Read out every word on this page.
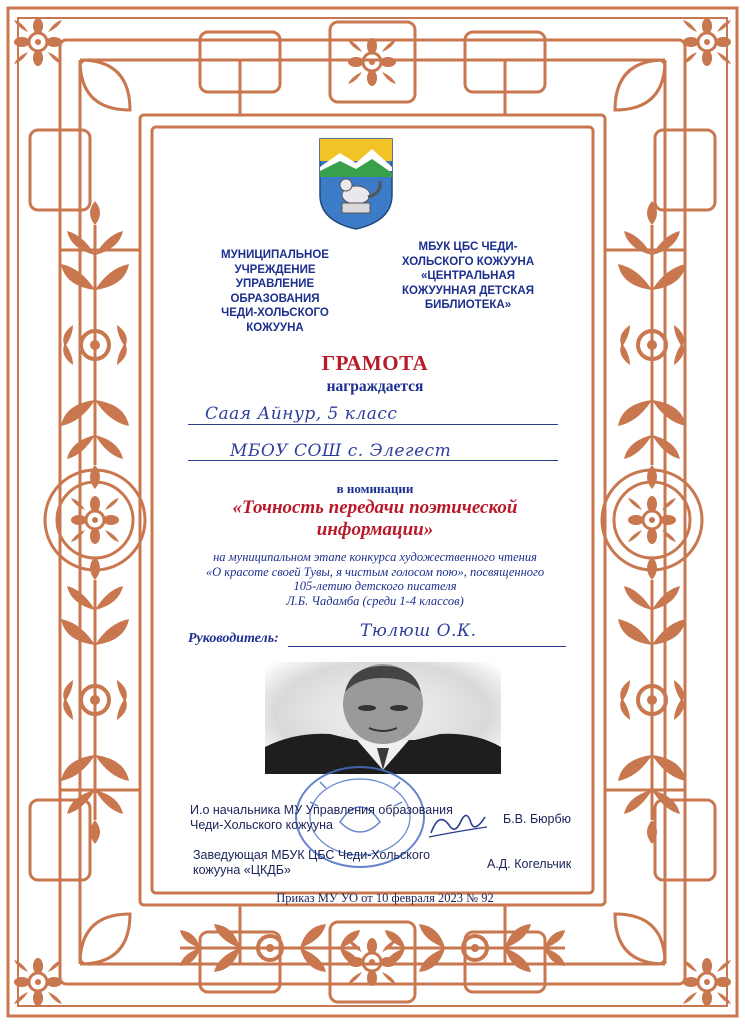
МУНИЦИПАЛЬНОЕ
УЧРЕЖДЕНИЕ
УПРАВЛЕНИЕ
ОБРАЗОВАНИЯ
ЧЕДИ-ХОЛЬСКОГО
КОЖУУНА
МБУК ЦБС ЧЕДИ-
ХОЛЬСКОГО КОЖУУНА
«ЦЕНТРАЛЬНАЯ
КОЖУУННАЯ ДЕТСКАЯ
БИБЛИОТЕКА»
ГРАМОТА
награждается
Саая Айнур, 5 класс
МБОУ СОШ с. Элегест
в номинации
«Точность передачи поэтической
информации»
на муниципальном этапе конкурса художественного чтения
«О красоте своей Тувы, я чистым голосом пою», посвященного
105-летию детского писателя
Л.Б. Чадамба (среди 1-4 классов)
Руководитель:	Тюлюш О.К.
И.о начальника МУ Управления образования
Чеди-Хольского кожууна	Б.В. Бюрбю
Заведующая МБУК ЦБС Чеди-Хольского
кожууна «ЦКДБ»	А.Д. Когельчик
Приказ МУ УО от 10 февраля 2023 № 92
